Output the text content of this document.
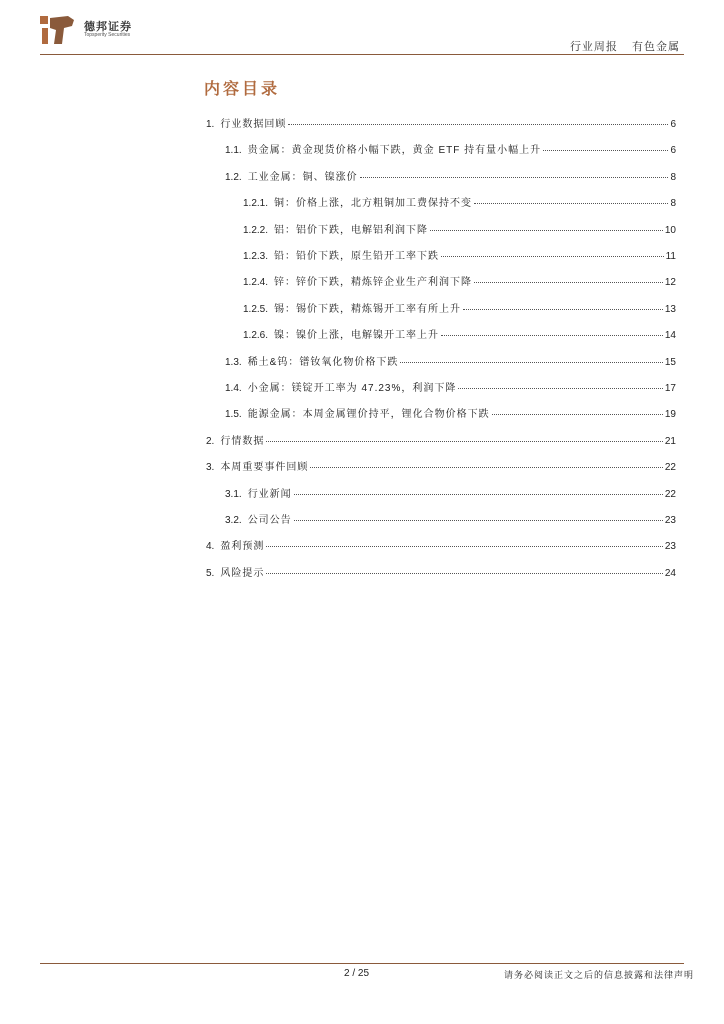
德邦证券
Topsperity Securities
行业周报 有色金属
内容目录
1. 行业数据回顾	6
1.1. 贵金属：黄金现货价格小幅下跌，黄金 ETF 持有量小幅上升	6
1.2. 工业金属：铜、镍涨价	8
1.2.1. 铜：价格上涨，北方粗铜加工费保持不变	8
1.2.2. 铝：铝价下跌，电解铝利润下降	10
1.2.3. 铅：铅价下跌，原生铅开工率下跌	11
1.2.4. 锌：锌价下跌，精炼锌企业生产利润下降	12
1.2.5. 锡：锡价下跌，精炼锡开工率有所上升	13
1.2.6. 镍：镍价上涨，电解镍开工率上升	14
1.3. 稀土&钨：镨钕氧化物价格下跌	15
1.4. 小金属：镁锭开工率为 47.23%，利润下降	17
1.5. 能源金属：本周金属锂价持平，锂化合物价格下跌	19
2. 行情数据	21
3. 本周重要事件回顾	22
3.1. 行业新闻	22
3.2. 公司公告	23
4. 盈利预测	23
5. 风险提示	24
2 / 25	请务必阅读正文之后的信息披露和法律声明
